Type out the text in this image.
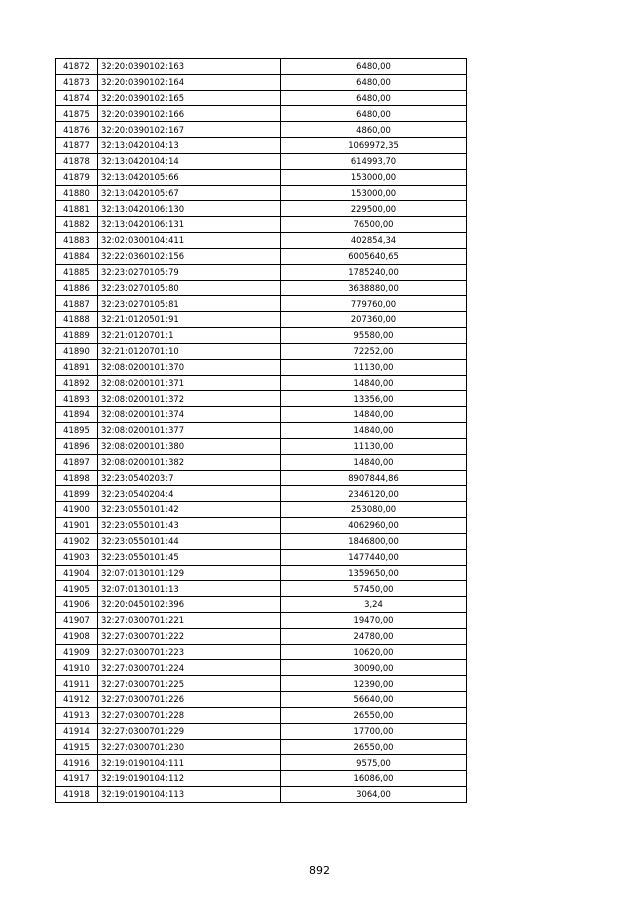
41872	32:20:0390102:163	6480,00
41873	32:20:0390102:164	6480,00
41874	32:20:0390102:165	6480,00
41875	32:20:0390102:166	6480,00
41876	32:20:0390102:167	4860,00
41877	32:13:0420104:13	1069972,35
41878	32:13:0420104:14	614993,70
41879	32:13:0420105:66	153000,00
41880	32:13:0420105:67	153000,00
41881	32:13:0420106:130	229500,00
41882	32:13:0420106:131	76500,00
41883	32:02:0300104:411	402854,34
41884	32:22:0360102:156	6005640,65
41885	32:23:0270105:79	1785240,00
41886	32:23:0270105:80	3638880,00
41887	32:23:0270105:81	779760,00
41888	32:21:0120501:91	207360,00
41889	32:21:0120701:1	95580,00
41890	32:21:0120701:10	72252,00
41891	32:08:0200101:370	11130,00
41892	32:08:0200101:371	14840,00
41893	32:08:0200101:372	13356,00
41894	32:08:0200101:374	14840,00
41895	32:08:0200101:377	14840,00
41896	32:08:0200101:380	11130,00
41897	32:08:0200101:382	14840,00
41898	32:23:0540203:7	8907844,86
41899	32:23:0540204:4	2346120,00
41900	32:23:0550101:42	253080,00
41901	32:23:0550101:43	4062960,00
41902	32:23:0550101:44	1846800,00
41903	32:23:0550101:45	1477440,00
41904	32:07:0130101:129	1359650,00
41905	32:07:0130101:13	57450,00
41906	32:20:0450102:396	3,24
41907	32:27:0300701:221	19470,00
41908	32:27:0300701:222	24780,00
41909	32:27:0300701:223	10620,00
41910	32:27:0300701:224	30090,00
41911	32:27:0300701:225	12390,00
41912	32:27:0300701:226	56640,00
41913	32:27:0300701:228	26550,00
41914	32:27:0300701:229	17700,00
41915	32:27:0300701:230	26550,00
41916	32:19:0190104:111	9575,00
41917	32:19:0190104:112	16086,00
41918	32:19:0190104:113	3064,00
892
